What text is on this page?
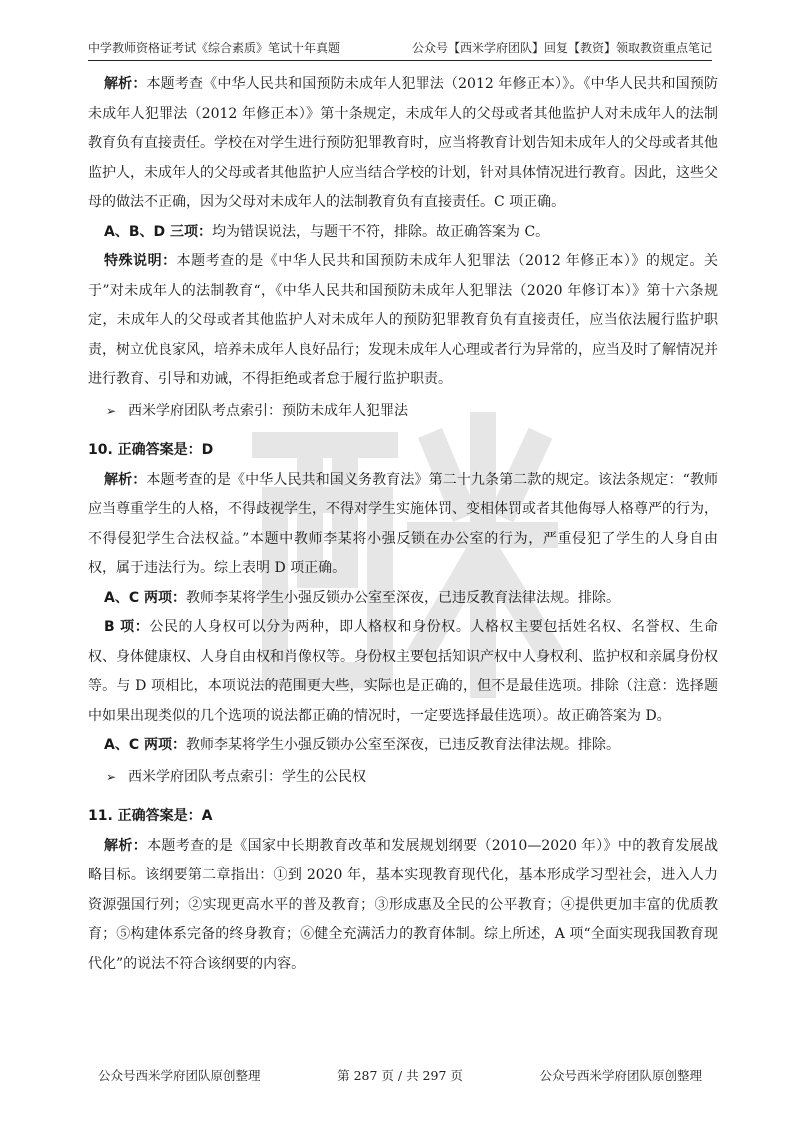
中学教师资格证考试《综合素质》笔试十年真题	公众号【西米学府团队】回复【教资】领取教资重点笔记

解析：本题考查《中华人民共和国预防未成年人犯罪法（2012 年修正本）》。《中华人民共和国预防未成年人犯罪法（2012 年修正本）》第十条规定，未成年人的父母或者其他监护人对未成年人的法制教育负有直接责任。学校在对学生进行预防犯罪教育时，应当将教育计划告知未成年人的父母或者其他监护人，未成年人的父母或者其他监护人应当结合学校的计划，针对具体情况进行教育。因此，这些父母的做法不正确，因为父母对未成年人的法制教育负有直接责任。C 项正确。

A、B、D 三项：均为错误说法，与题干不符，排除。故正确答案为 C。

特殊说明：本题考查的是《中华人民共和国预防未成年人犯罪法（2012 年修正本）》的规定。关于”对未成年人的法制教育“，《中华人民共和国预防未成年人犯罪法（2020 年修订本）》第十六条规定，未成年人的父母或者其他监护人对未成年人的预防犯罪教育负有直接责任，应当依法履行监护职责，树立优良家风，培养未成年人良好品行；发现未成年人心理或者行为异常的，应当及时了解情况并进行教育、引导和劝诫，不得拒绝或者怠于履行监护职责。

➢ 西米学府团队考点索引：预防未成年人犯罪法

10. 正确答案是：D

解析：本题考查的是《中华人民共和国义务教育法》第二十九条第二款的规定。该法条规定：“教师应当尊重学生的人格，不得歧视学生，不得对学生实施体罚、变相体罚或者其他侮辱人格尊严的行为，不得侵犯学生合法权益。”本题中教师李某将小强反锁在办公室的行为，严重侵犯了学生的人身自由权，属于违法行为。综上表明 D 项正确。

A、C 两项：教师李某将学生小强反锁办公室至深夜，已违反教育法律法规。排除。

B 项：公民的人身权可以分为两种，即人格权和身份权。人格权主要包括姓名权、名誉权、生命权、身体健康权、人身自由权和肖像权等。身份权主要包括知识产权中人身权利、监护权和亲属身份权等。与 D 项相比，本项说法的范围更大些，实际也是正确的，但不是最佳选项。排除（注意：选择题中如果出现类似的几个选项的说法都正确的情况时，一定要选择最佳选项）。故正确答案为 D。

A、C 两项：教师李某将学生小强反锁办公室至深夜，已违反教育法律法规。排除。

➢ 西米学府团队考点索引：学生的公民权

11. 正确答案是：A

解析：本题考查的是《国家中长期教育改革和发展规划纲要（2010—2020 年）》中的教育发展战略目标。该纲要第二章指出：①到 2020 年，基本实现教育现代化，基本形成学习型社会，进入人力资源强国行列；②实现更高水平的普及教育；③形成惠及全民的公平教育；④提供更加丰富的优质教育；⑤构建体系完备的终身教育；⑥健全充满活力的教育体制。综上所述，A 项“全面实现我国教育现代化”的说法不符合该纲要的内容。

公众号西米学府团队原创整理	第 287 页 / 共 297 页	公众号西米学府团队原创整理
